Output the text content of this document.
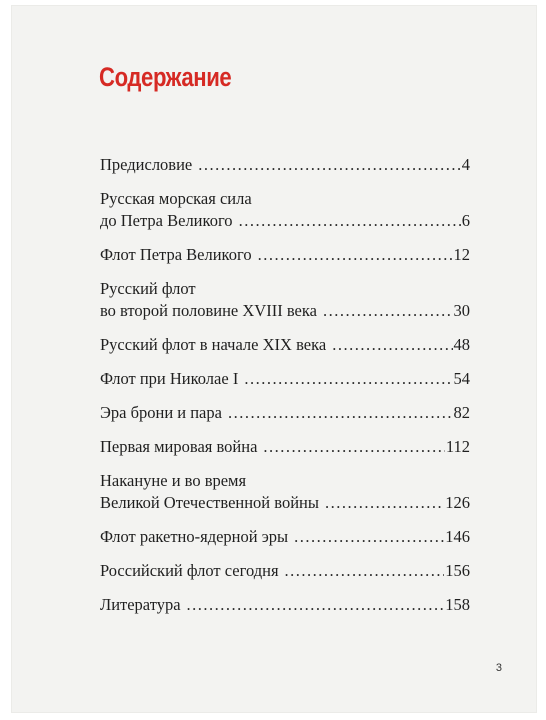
Содержание

Предисловие .....	4

Русская морская сила

до Петра Великого .....	6

Флот Петра Великого .....	12

Русский флот

во второй половине XVIII века .....	30

Русский флот в начале XIX века .....	48

Флот при Николае I .....	54

Эра брони и пара .....	82

Первая мировая война .....	112

Накануне и во время

Великой Отечественной войны .....	126

Флот ракетно-ядерной эры .....	146

Российский флот сегодня .....	156

Литература .....	158

3
